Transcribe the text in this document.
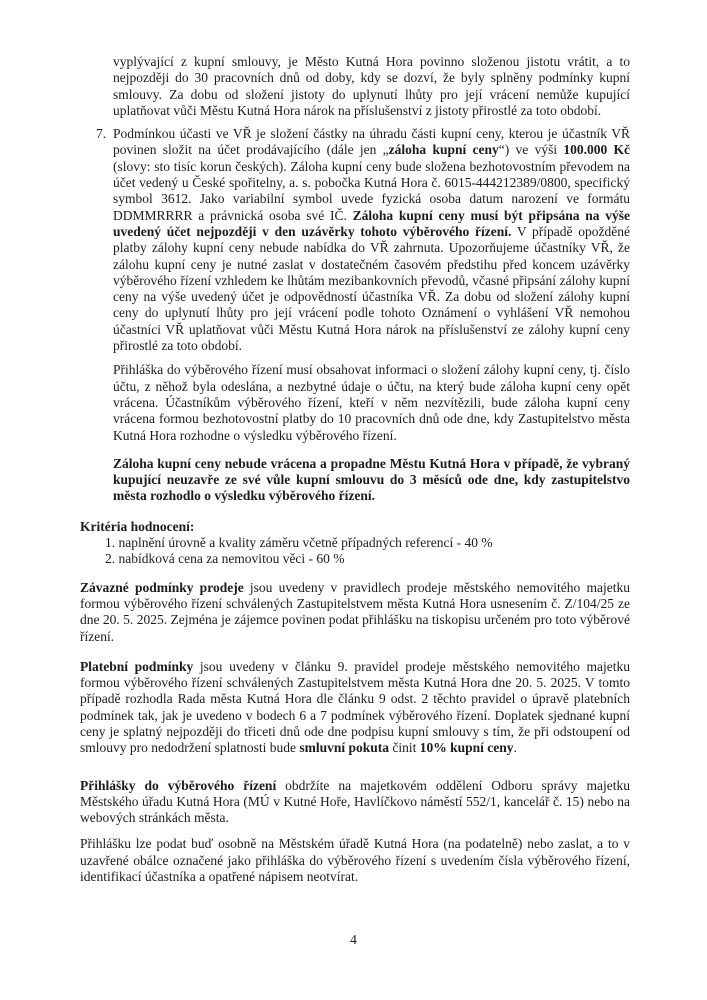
vyplývající z kupní smlouvy, je Město Kutná Hora povinno složenou jistotu vrátit, a to nejpozději do 30 pracovních dnů od doby, kdy se dozví, že byly splněny podmínky kupní smlouvy. Za dobu od složení jistoty do uplynutí lhůty pro její vrácení nemůže kupující uplatňovat vůči Městu Kutná Hora nárok na příslušenství z jistoty přirostlé za toto období.

7. Podmínkou účasti ve VŘ je složení částky na úhradu části kupní ceny, kterou je účastník VŘ povinen složit na účet prodávajícího (dále jen „záloha kupní ceny“) ve výši 100.000 Kč (slovy: sto tisíc korun českých). Záloha kupní ceny bude složena bezhotovostním převodem na účet vedený u České spořitelny, a. s. pobočka Kutná Hora č. 6015-444212389/0800, specifický symbol 3612. Jako variabilní symbol uvede fyzická osoba datum narození ve formátu DDMMRRRR a právnická osoba své IČ. Záloha kupní ceny musí být připsána na výše uvedený účet nejpozději v den uzávěrky tohoto výběrového řízení. V případě opožděné platby zálohy kupní ceny nebude nabídka do VŘ zahrnuta. Upozorňujeme účastníky VŘ, že zálohu kupní ceny je nutné zaslat v dostatečném časovém předstihu před koncem uzávěrky výběrového řízení vzhledem ke lhůtám mezibankovních převodů, včasné připsání zálohy kupní ceny na výše uvedený účet je odpovědností účastníka VŘ. Za dobu od složení zálohy kupní ceny do uplynutí lhůty pro její vrácení podle tohoto Oznámení o vyhlášení VŘ nemohou účastníci VŘ uplatňovat vůči Městu Kutná Hora nárok na příslušenství ze zálohy kupní ceny přirostlé za toto období.

Přihláška do výběrového řízení musí obsahovat informaci o složení zálohy kupní ceny, tj. číslo účtu, z něhož byla odeslána, a nezbytné údaje o účtu, na který bude záloha kupní ceny opět vrácena. Účastníkům výběrového řízení, kteří v něm nezvítězili, bude záloha kupní ceny vrácena formou bezhotovostní platby do 10 pracovních dnů ode dne, kdy Zastupitelstvo města Kutná Hora rozhodne o výsledku výběrového řízení.

Záloha kupní ceny nebude vrácena a propadne Městu Kutná Hora v případě, že vybraný kupující neuzavře ze své vůle kupní smlouvu do 3 měsíců ode dne, kdy zastupitelstvo města rozhodlo o výsledku výběrového řízení.

Kritéria hodnocení:

1. naplnění úrovně a kvality záměru včetně případných referencí - 40 %

2. nabídková cena za nemovitou věci - 60 %

Závazné podmínky prodeje jsou uvedeny v pravidlech prodeje městského nemovitého majetku formou výběrového řízení schválených Zastupitelstvem města Kutná Hora usnesením č. Z/104/25 ze dne 20. 5. 2025. Zejména je zájemce povinen podat přihlášku na tiskopisu určeném pro toto výběrové řízení.

Platební podmínky jsou uvedeny v článku 9. pravidel prodeje městského nemovitého majetku formou výběrového řízení schválených Zastupitelstvem města Kutná Hora dne 20. 5. 2025. V tomto případě rozhodla Rada města Kutná Hora dle článku 9 odst. 2 těchto pravidel o úpravě platebních podmínek tak, jak je uvedeno v bodech 6 a 7 podmínek výběrového řízení. Doplatek sjednané kupní ceny je splatný nejpozději do třiceti dnů ode dne podpisu kupní smlouvy s tím, že při odstoupení od smlouvy pro nedodržení splatnosti bude smluvní pokuta činit 10% kupní ceny.

Přihlášky do výběrového řízení obdržíte na majetkovém oddělení Odboru správy majetku Městského úřadu Kutná Hora (MÚ v Kutné Hoře, Havlíčkovo náměstí 552/1, kancelář č. 15) nebo na webových stránkách města.

Přihlášku lze podat buď osobně na Městském úřadě Kutná Hora (na podatelně) nebo zaslat, a to v uzavřené obálce označené jako přihláška do výběrového řízení s uvedením čísla výběrového řízení, identifikací účastníka a opatřené nápisem neotvírat.

4
